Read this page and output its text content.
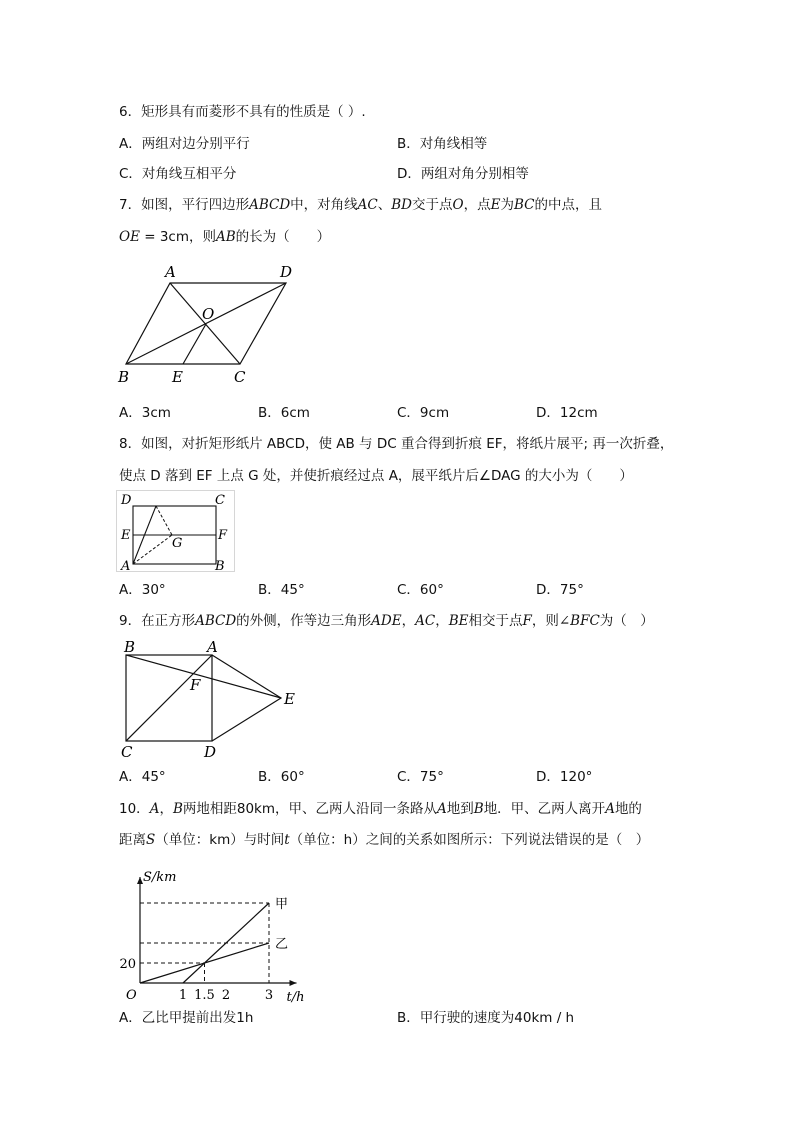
6．矩形具有而菱形不具有的性质是（ ）.
A．两组对边分别平行	B．对角线相等
C．对角线互相平分	D．两组对角分别相等
7．如图，平行四边形ABCD中，对角线AC、BD交于点O，点E为BC的中点，且
OE = 3cm，则AB的长为（　　）
A	D
O
B	E	C
A．3cm	B．6cm	C．9cm	D．12cm
8．如图，对折矩形纸片 ABCD，使 AB 与 DC 重合得到折痕 EF，将纸片展平; 再一次折叠，
使点 D 落到 EF 上点 G 处，并使折痕经过点 A，展平纸片后∠DAG 的大小为（　　）
D	C
E	F
G
A	B
A．30°	B．45°	C．60°	D．75°
9．在正方形ABCD的外侧，作等边三角形ADE，AC，BE相交于点F，则∠BFC为（　）
B	A
F
E
C	D
A．45°	B．60°	C．75°	D．120°
10．A，B两地相距80km，甲、乙两人沿同一条路从A地到B地．甲、乙两人离开A地的
距离S（单位：km）与时间t（单位：h）之间的关系如图所示：下列说法错误的是（　）
甲
乙
1 1.5 2	3
20
O	t/h
S/km
A．乙比甲提前出发1h	B．甲行驶的速度为40km / h
